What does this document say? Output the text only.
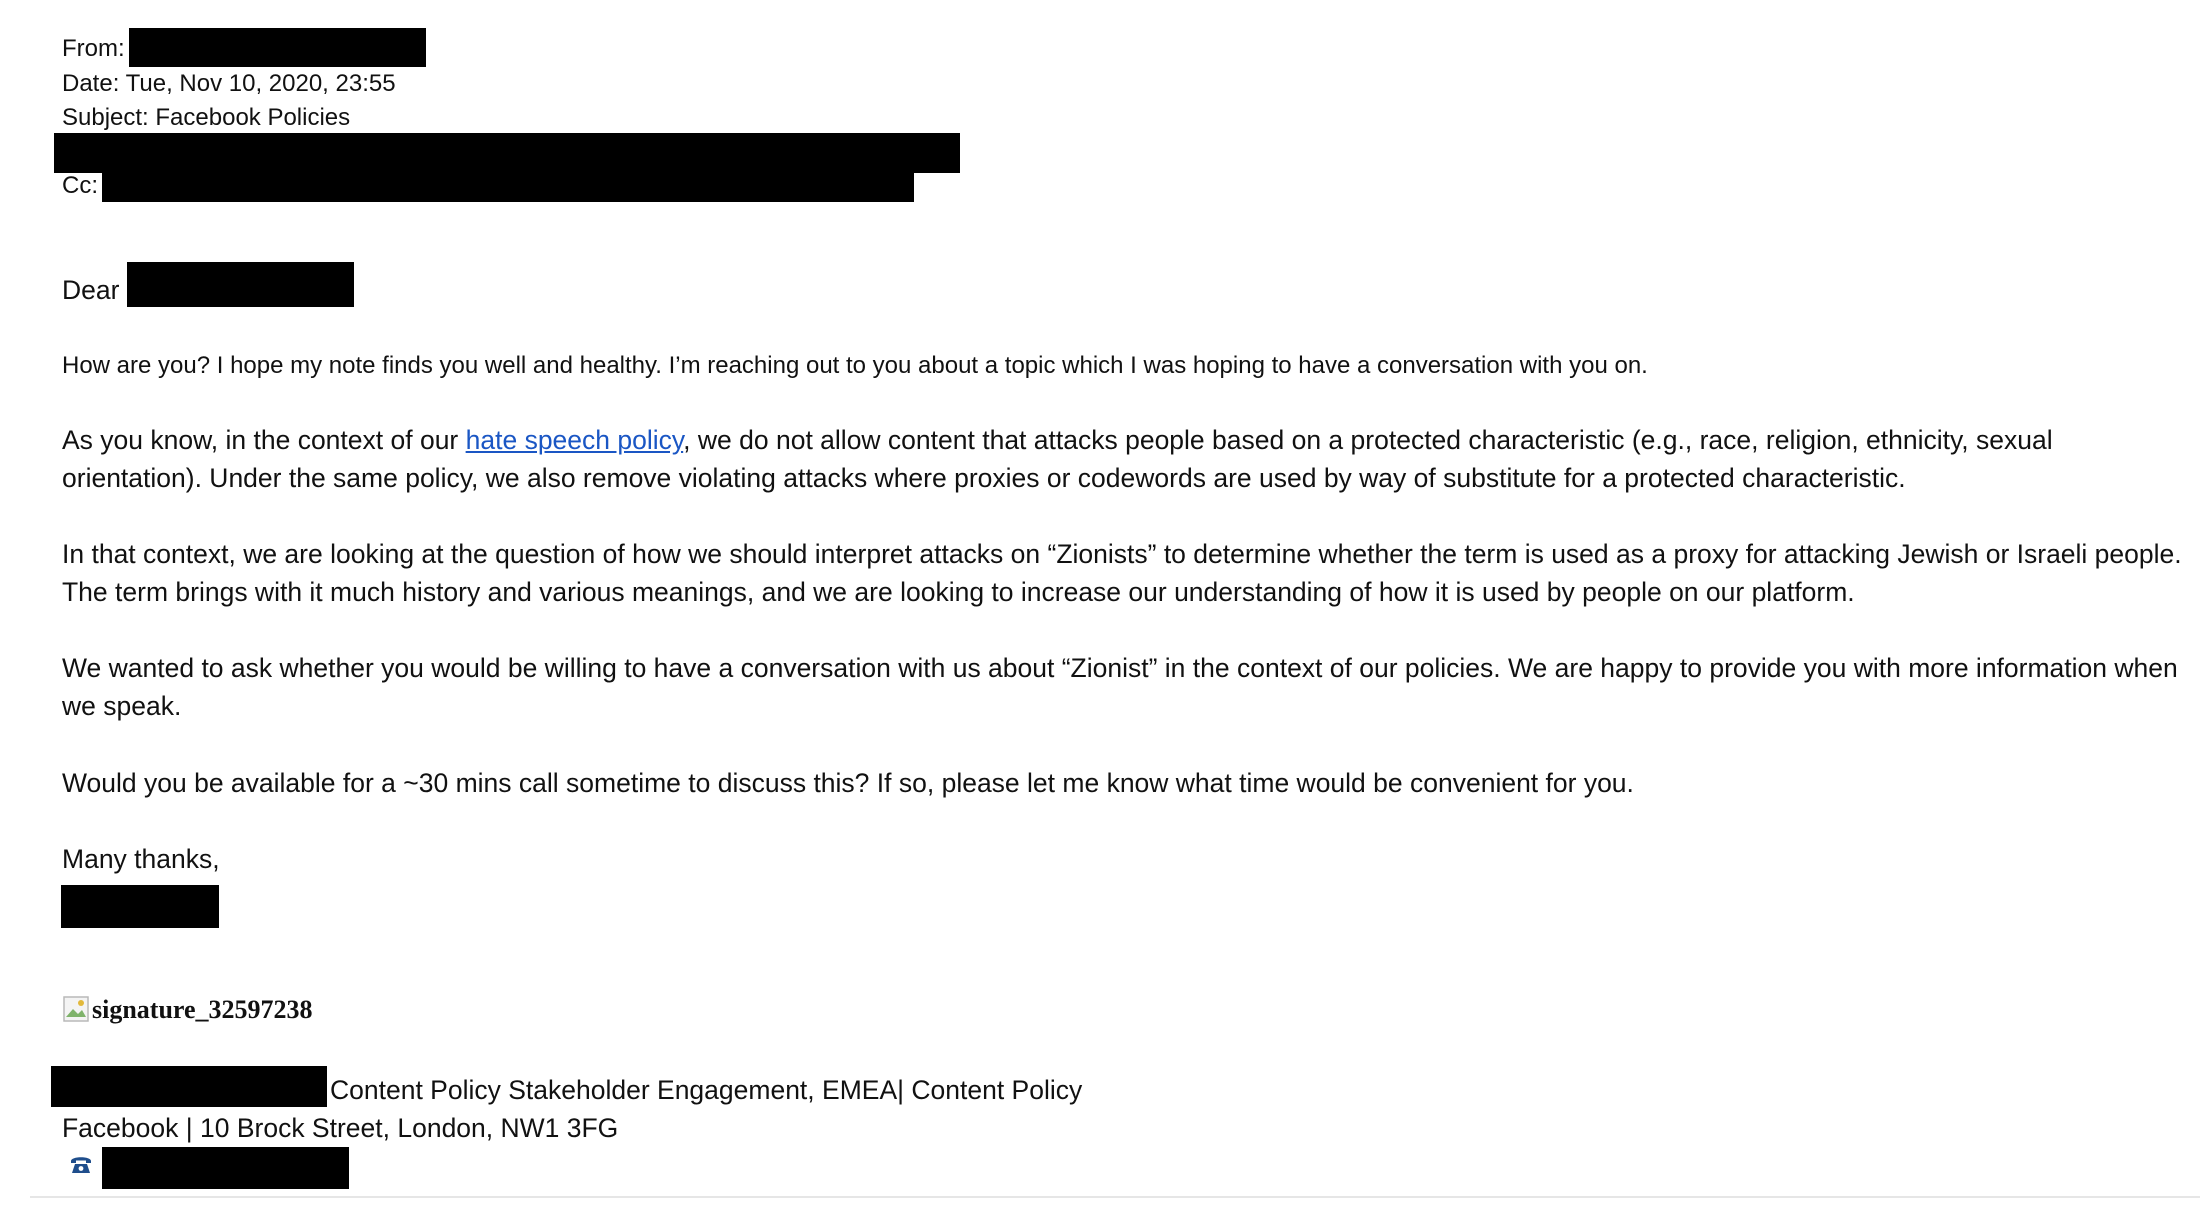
From:
Date: Tue, Nov 10, 2020, 23:55
Subject: Facebook Policies
Cc:
Dear
How are you? I hope my note finds you well and healthy. I’m reaching out to you about a topic which I was hoping to have a conversation with you on.
As you know, in the context of our hate speech policy, we do not allow content that attacks people based on a protected characteristic (e.g., race, religion, ethnicity, sexual
orientation). Under the same policy, we also remove violating attacks where proxies or codewords are used by way of substitute for a protected characteristic.
In that context, we are looking at the question of how we should interpret attacks on “Zionists” to determine whether the term is used as a proxy for attacking Jewish or Israeli people.
The term brings with it much history and various meanings, and we are looking to increase our understanding of how it is used by people on our platform.
We wanted to ask whether you would be willing to have a conversation with us about “Zionist” in the context of our policies. We are happy to provide you with more information when
we speak.
Would you be available for a ~30 mins call sometime to discuss this? If so, please let me know what time would be convenient for you.
Many thanks,
signature_32597238
Content Policy Stakeholder Engagement, EMEA| Content Policy
Facebook | 10 Brock Street, London, NW1 3FG
